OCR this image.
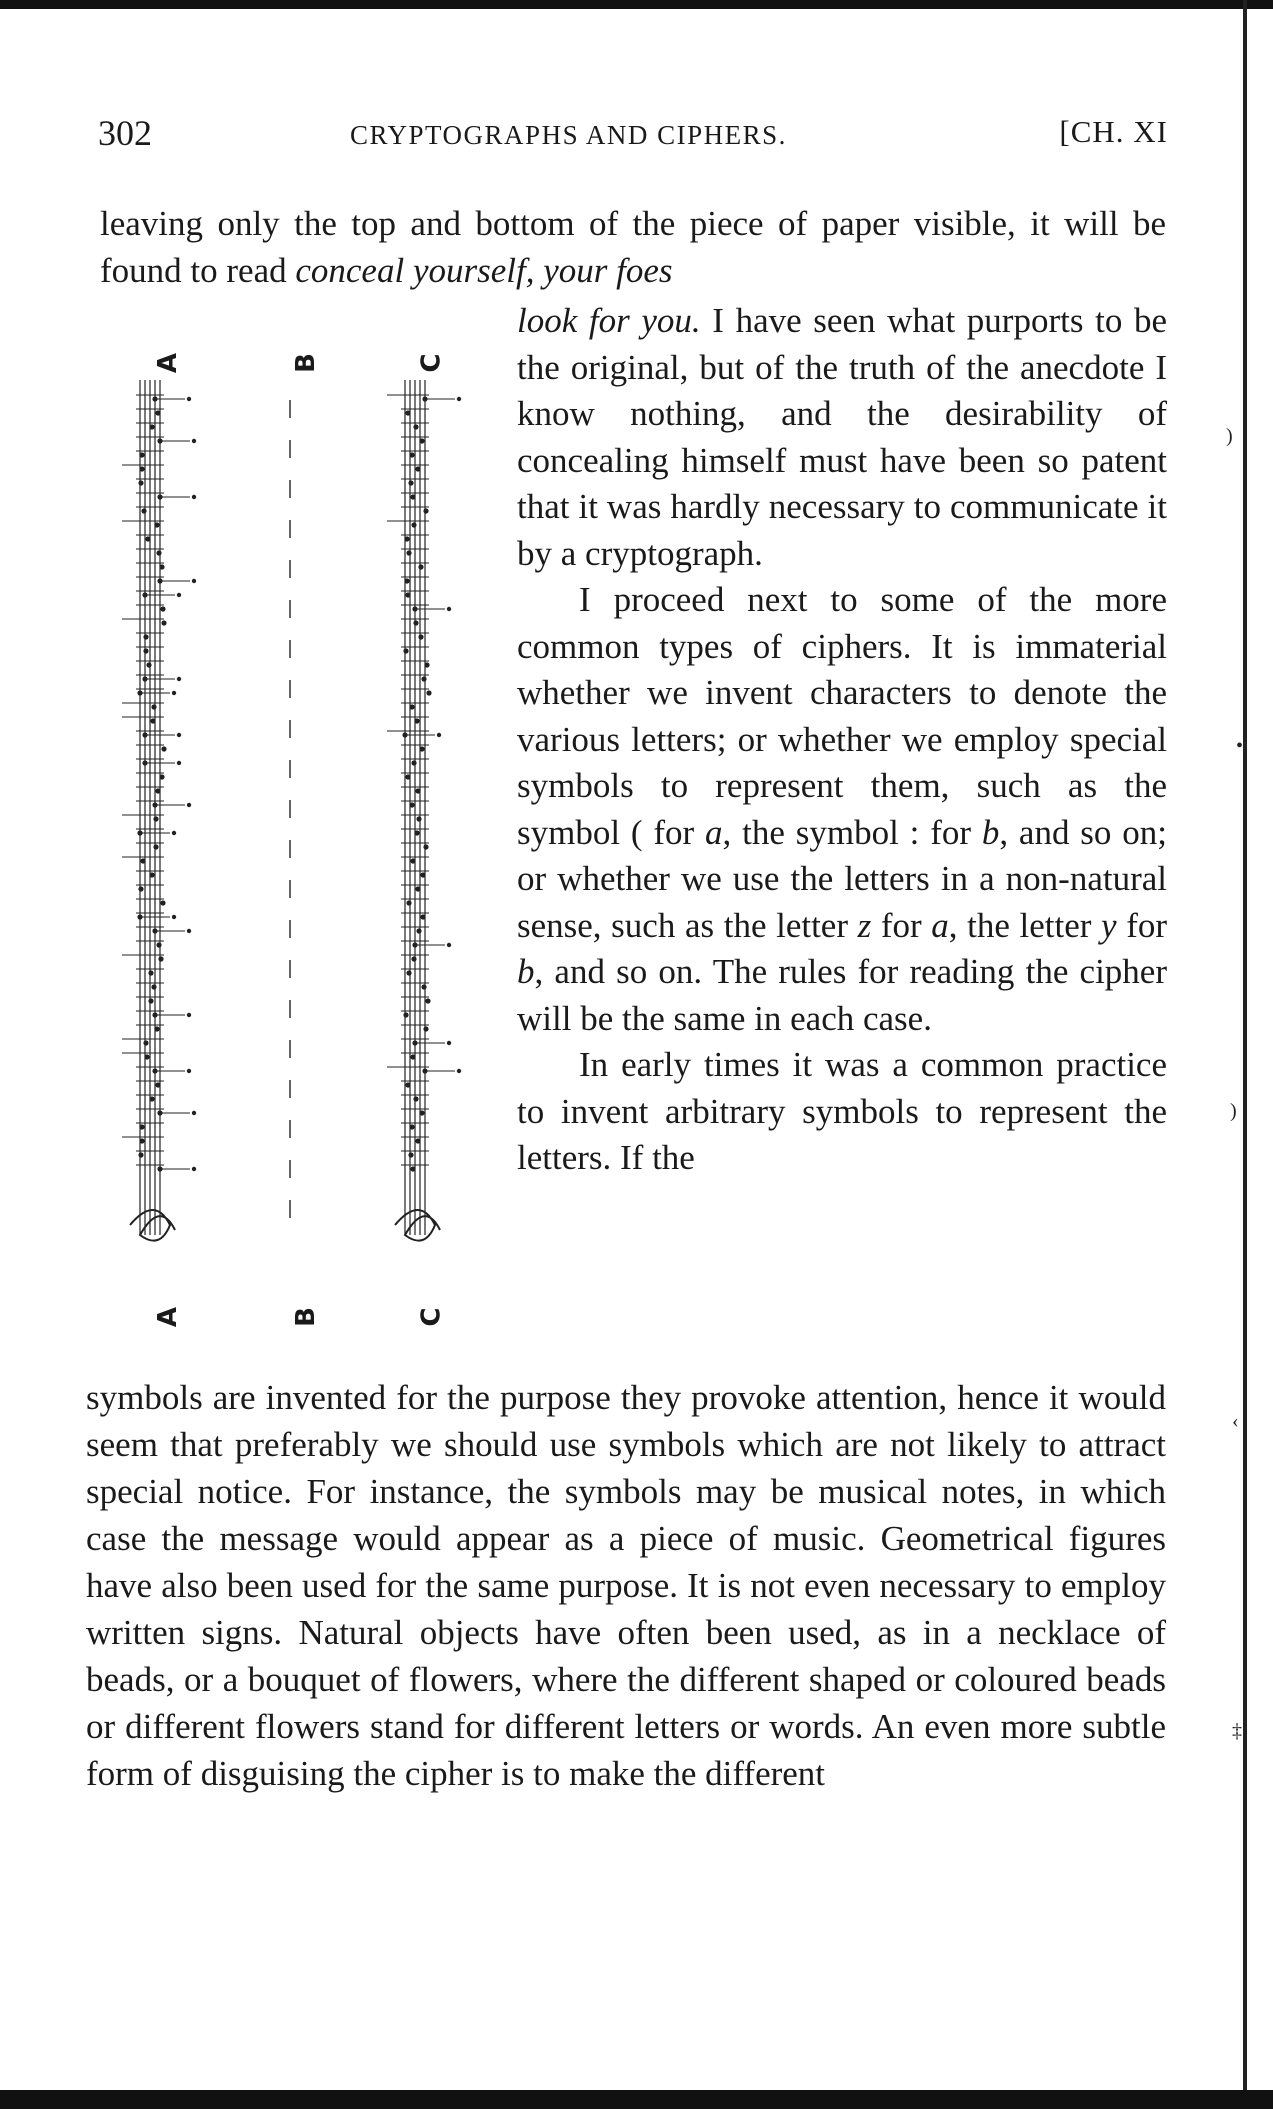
)
•
)
‹
‡
302	CRYPTOGRAPHS AND CIPHERS.	[CH. XI

leaving only the top and bottom of the piece of paper visible, it will be found to read conceal yourself, your foes

A	B	C
A	B	C

look for you. I have seen what purports to be the original, but of the truth of the anecdote I know nothing, and the desirability of concealing himself must have been so patent that it was hardly necessary to communicate it by a cryptograph.

I proceed next to some of the more common types of ciphers. It is immaterial whether we invent characters to denote the various letters; or whether we employ special symbols to represent them, such as the symbol ( for a, the symbol : for b, and so on; or whether we use the letters in a non-natural sense, such as the letter z for a, the letter y for b, and so on. The rules for reading the cipher will be the same in each case.

In early times it was a common practice to invent arbitrary symbols to represent the letters. If the

symbols are invented for the purpose they provoke attention, hence it would seem that preferably we should use symbols which are not likely to attract special notice. For instance, the symbols may be musical notes, in which case the message would appear as a piece of music. Geometrical figures have also been used for the same purpose. It is not even necessary to employ written signs. Natural objects have often been used, as in a necklace of beads, or a bouquet of flowers, where the different shaped or coloured beads or different flowers stand for different letters or words. An even more subtle form of disguising the cipher is to make the different
